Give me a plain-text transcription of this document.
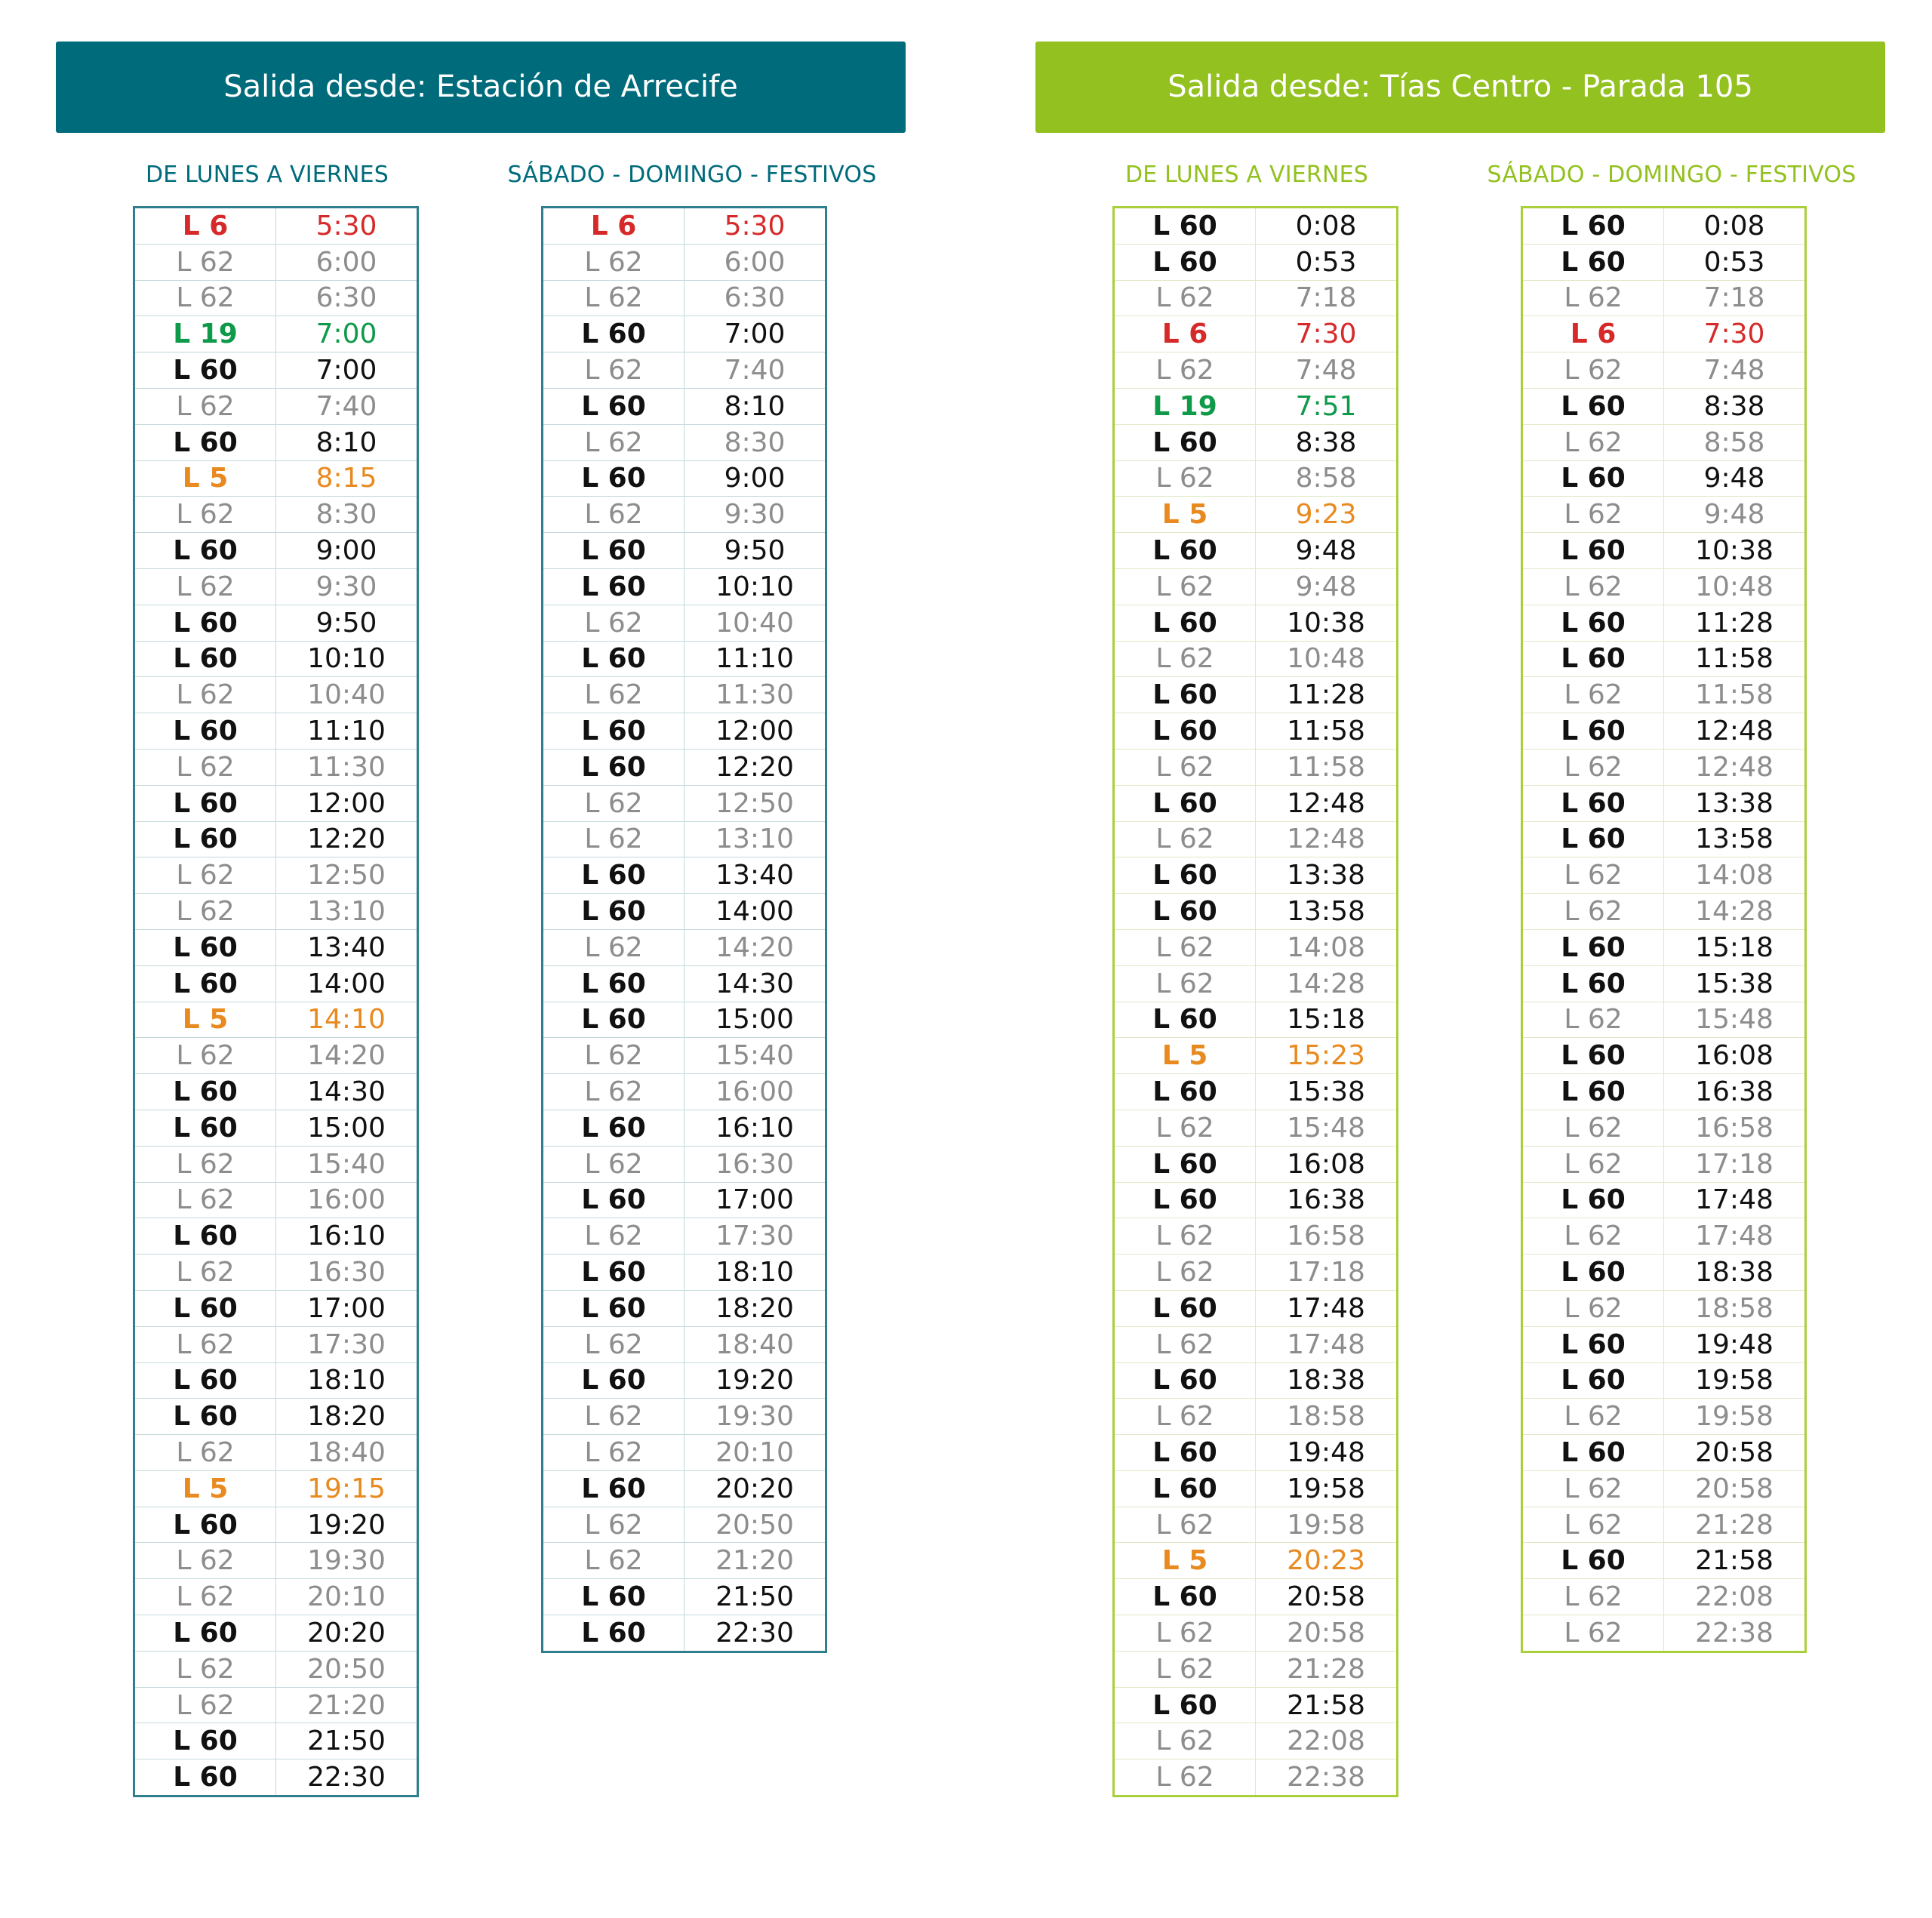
Salida desde: Estación de Arrecife
DE LUNES A VIERNES
L 6	5:30
L 62	6:00
L 62	6:30
L 19	7:00
L 60	7:00
L 62	7:40
L 60	8:10
L 5	8:15
L 62	8:30
L 60	9:00
L 62	9:30
L 60	9:50
L 60	10:10
L 62	10:40
L 60	11:10
L 62	11:30
L 60	12:00
L 60	12:20
L 62	12:50
L 62	13:10
L 60	13:40
L 60	14:00
L 5	14:10
L 62	14:20
L 60	14:30
L 60	15:00
L 62	15:40
L 62	16:00
L 60	16:10
L 62	16:30
L 60	17:00
L 62	17:30
L 60	18:10
L 60	18:20
L 62	18:40
L 5	19:15
L 60	19:20
L 62	19:30
L 62	20:10
L 60	20:20
L 62	20:50
L 62	21:20
L 60	21:50
L 60	22:30
SÁBADO - DOMINGO - FESTIVOS
L 6	5:30
L 62	6:00
L 62	6:30
L 60	7:00
L 62	7:40
L 60	8:10
L 62	8:30
L 60	9:00
L 62	9:30
L 60	9:50
L 60	10:10
L 62	10:40
L 60	11:10
L 62	11:30
L 60	12:00
L 60	12:20
L 62	12:50
L 62	13:10
L 60	13:40
L 60	14:00
L 62	14:20
L 60	14:30
L 60	15:00
L 62	15:40
L 62	16:00
L 60	16:10
L 62	16:30
L 60	17:00
L 62	17:30
L 60	18:10
L 60	18:20
L 62	18:40
L 60	19:20
L 62	19:30
L 62	20:10
L 60	20:20
L 62	20:50
L 62	21:20
L 60	21:50
L 60	22:30
Salida desde: Tías Centro - Parada 105
DE LUNES A VIERNES
L 60	0:08
L 60	0:53
L 62	7:18
L 6	7:30
L 62	7:48
L 19	7:51
L 60	8:38
L 62	8:58
L 5	9:23
L 60	9:48
L 62	9:48
L 60	10:38
L 62	10:48
L 60	11:28
L 60	11:58
L 62	11:58
L 60	12:48
L 62	12:48
L 60	13:38
L 60	13:58
L 62	14:08
L 62	14:28
L 60	15:18
L 5	15:23
L 60	15:38
L 62	15:48
L 60	16:08
L 60	16:38
L 62	16:58
L 62	17:18
L 60	17:48
L 62	17:48
L 60	18:38
L 62	18:58
L 60	19:48
L 60	19:58
L 62	19:58
L 5	20:23
L 60	20:58
L 62	20:58
L 62	21:28
L 60	21:58
L 62	22:08
L 62	22:38
SÁBADO - DOMINGO - FESTIVOS
L 60	0:08
L 60	0:53
L 62	7:18
L 6	7:30
L 62	7:48
L 60	8:38
L 62	8:58
L 60	9:48
L 62	9:48
L 60	10:38
L 62	10:48
L 60	11:28
L 60	11:58
L 62	11:58
L 60	12:48
L 62	12:48
L 60	13:38
L 60	13:58
L 62	14:08
L 62	14:28
L 60	15:18
L 60	15:38
L 62	15:48
L 60	16:08
L 60	16:38
L 62	16:58
L 62	17:18
L 60	17:48
L 62	17:48
L 60	18:38
L 62	18:58
L 60	19:48
L 60	19:58
L 62	19:58
L 60	20:58
L 62	20:58
L 62	21:28
L 60	21:58
L 62	22:08
L 62	22:38
